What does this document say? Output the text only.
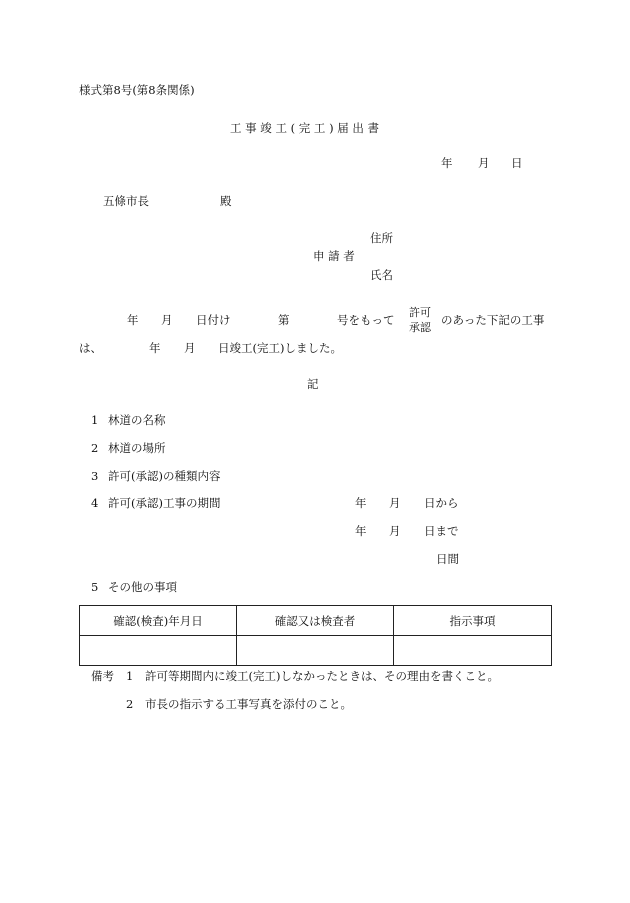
様式第8号(第8条関係)
工 事 竣 工 ( 完 工 ) 届 出 書
年 月 日
五條市長	殿
住所
申 請 者
氏名
年 月 日付け	第	号をもって
許可
承認
のあった下記の工事
は、	年 月 日竣工(完工)しました。
記
1 林道の名称
2 林道の場所
3 許可(承認)の種類内容
4 許可(承認)工事の期間	年 月 日から
年 月 日まで
日間
5 その他の事項
確認(検査)年月日	確認又は検査者	指示事項

備考 1 許可等期間内に竣工(完工)しなかったときは、その理由を書くこと。
2 市長の指示する工事写真を添付のこと。
